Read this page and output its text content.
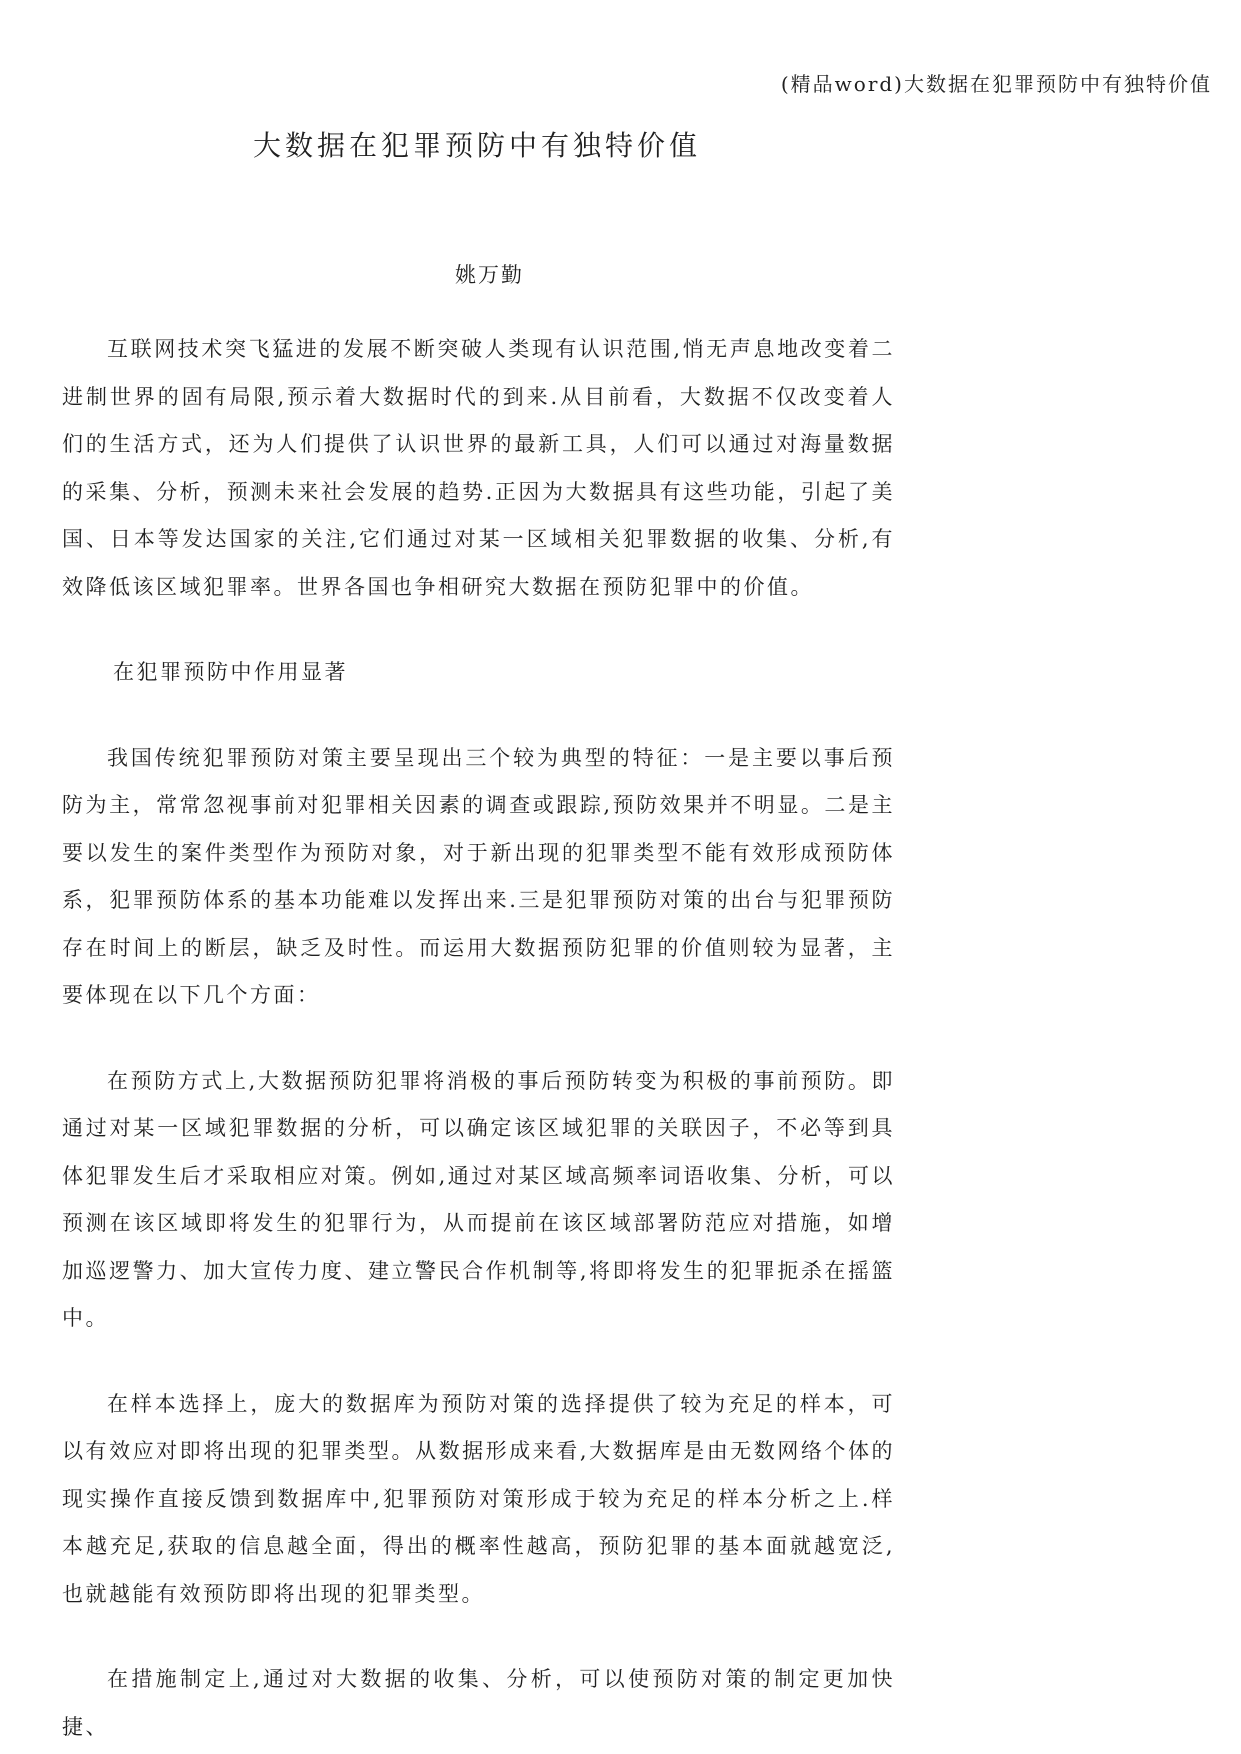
(精品word)大数据在犯罪预防中有独特价值
大数据在犯罪预防中有独特价值
姚万勤

互联网技术突飞猛进的发展不断突破人类现有认识范围,悄无声息地改变着二进制世界的固有局限,预示着大数据时代的到来.从目前看，大数据不仅改变着人们的生活方式，还为人们提供了认识世界的最新工具，人们可以通过对海量数据的采集、分析，预测未来社会发展的趋势.正因为大数据具有这些功能，引起了美国、日本等发达国家的关注,它们通过对某一区域相关犯罪数据的收集、分析,有效降低该区域犯罪率。世界各国也争相研究大数据在预防犯罪中的价值。

在犯罪预防中作用显著

我国传统犯罪预防对策主要呈现出三个较为典型的特征：一是主要以事后预防为主，常常忽视事前对犯罪相关因素的调查或跟踪,预防效果并不明显。二是主要以发生的案件类型作为预防对象，对于新出现的犯罪类型不能有效形成预防体系，犯罪预防体系的基本功能难以发挥出来.三是犯罪预防对策的出台与犯罪预防存在时间上的断层，缺乏及时性。而运用大数据预防犯罪的价值则较为显著，主要体现在以下几个方面：

在预防方式上,大数据预防犯罪将消极的事后预防转变为积极的事前预防。即通过对某一区域犯罪数据的分析，可以确定该区域犯罪的关联因子，不必等到具体犯罪发生后才采取相应对策。例如,通过对某区域高频率词语收集、分析，可以预测在该区域即将发生的犯罪行为，从而提前在该区域部署防范应对措施，如增加巡逻警力、加大宣传力度、建立警民合作机制等,将即将发生的犯罪扼杀在摇篮中。

在样本选择上，庞大的数据库为预防对策的选择提供了较为充足的样本，可以有效应对即将出现的犯罪类型。从数据形成来看,大数据库是由无数网络个体的现实操作直接反馈到数据库中,犯罪预防对策形成于较为充足的样本分析之上.样本越充足,获取的信息越全面，得出的概率性越高，预防犯罪的基本面就越宽泛,也就越能有效预防即将出现的犯罪类型。

在措施制定上,通过对大数据的收集、分析，可以使预防对策的制定更加快捷、
